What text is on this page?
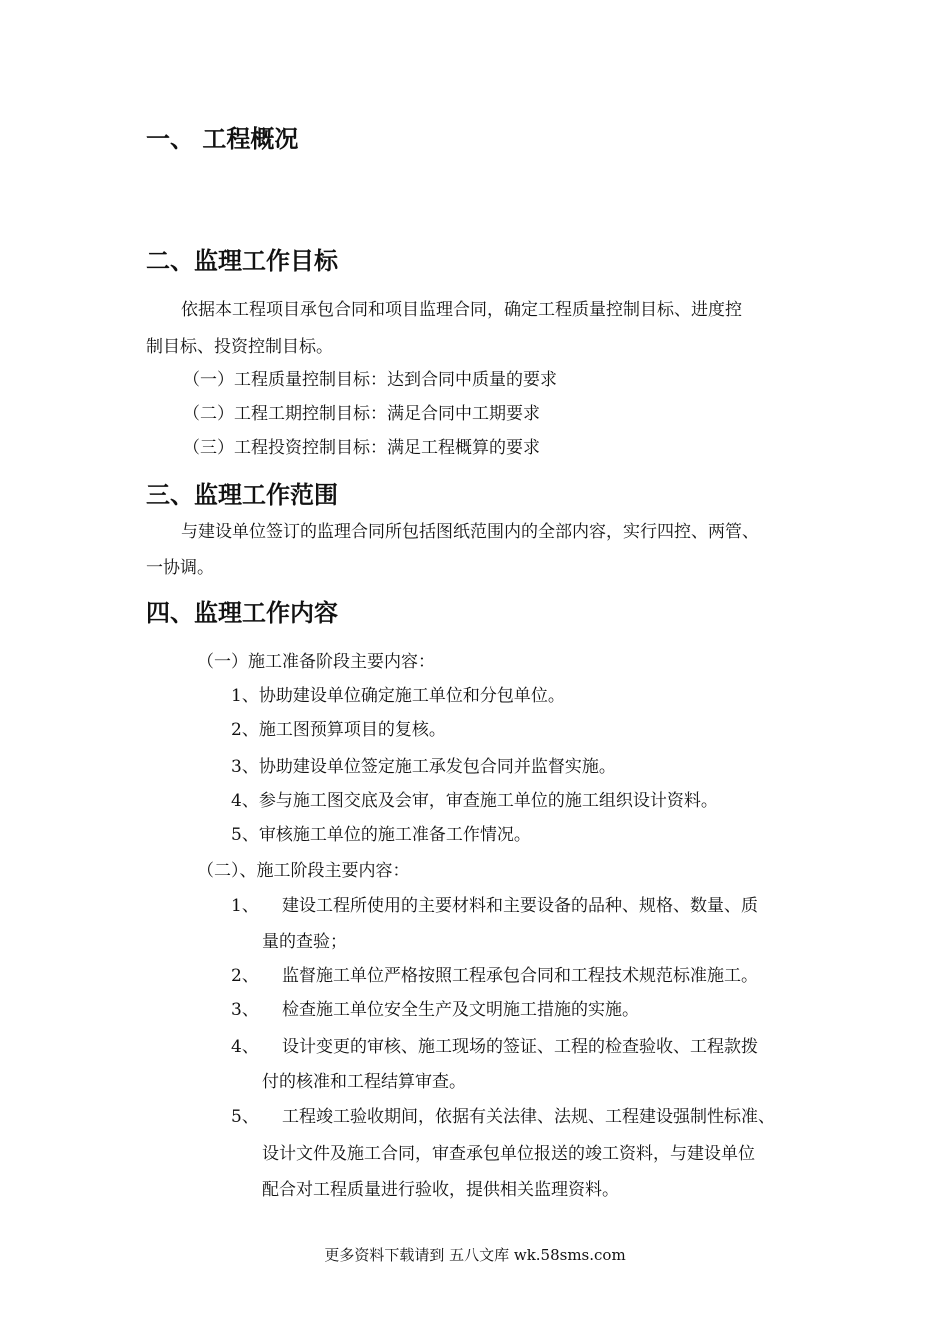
一、 工程概况
二、监理工作目标
依据本工程项目承包合同和项目监理合同，确定工程质量控制目标、进度控
制目标、投资控制目标。
（一）工程质量控制目标：达到合同中质量的要求
（二）工程工期控制目标：满足合同中工期要求
（三）工程投资控制目标：满足工程概算的要求
三、监理工作范围
与建设单位签订的监理合同所包括图纸范围内的全部内容，实行四控、两管、
一协调。
四、监理工作内容
（一）施工准备阶段主要内容：
1、协助建设单位确定施工单位和分包单位。
2、施工图预算项目的复核。
3、协助建设单位签定施工承发包合同并监督实施。
4、参与施工图交底及会审，审查施工单位的施工组织设计资料。
5、审核施工单位的施工准备工作情况。
（二）、施工阶段主要内容：
1、 建设工程所使用的主要材料和主要设备的品种、规格、数量、质
量的查验；
2、 监督施工单位严格按照工程承包合同和工程技术规范标准施工。
3、 检查施工单位安全生产及文明施工措施的实施。
4、 设计变更的审核、施工现场的签证、工程的检查验收、工程款拨
付的核准和工程结算审查。
5、 工程竣工验收期间，依据有关法律、法规、工程建设强制性标准、
设计文件及施工合同，审查承包单位报送的竣工资料，与建设单位
配合对工程质量进行验收，提供相关监理资料。
更多资料下载请到 五八文库 wk.58sms.com
